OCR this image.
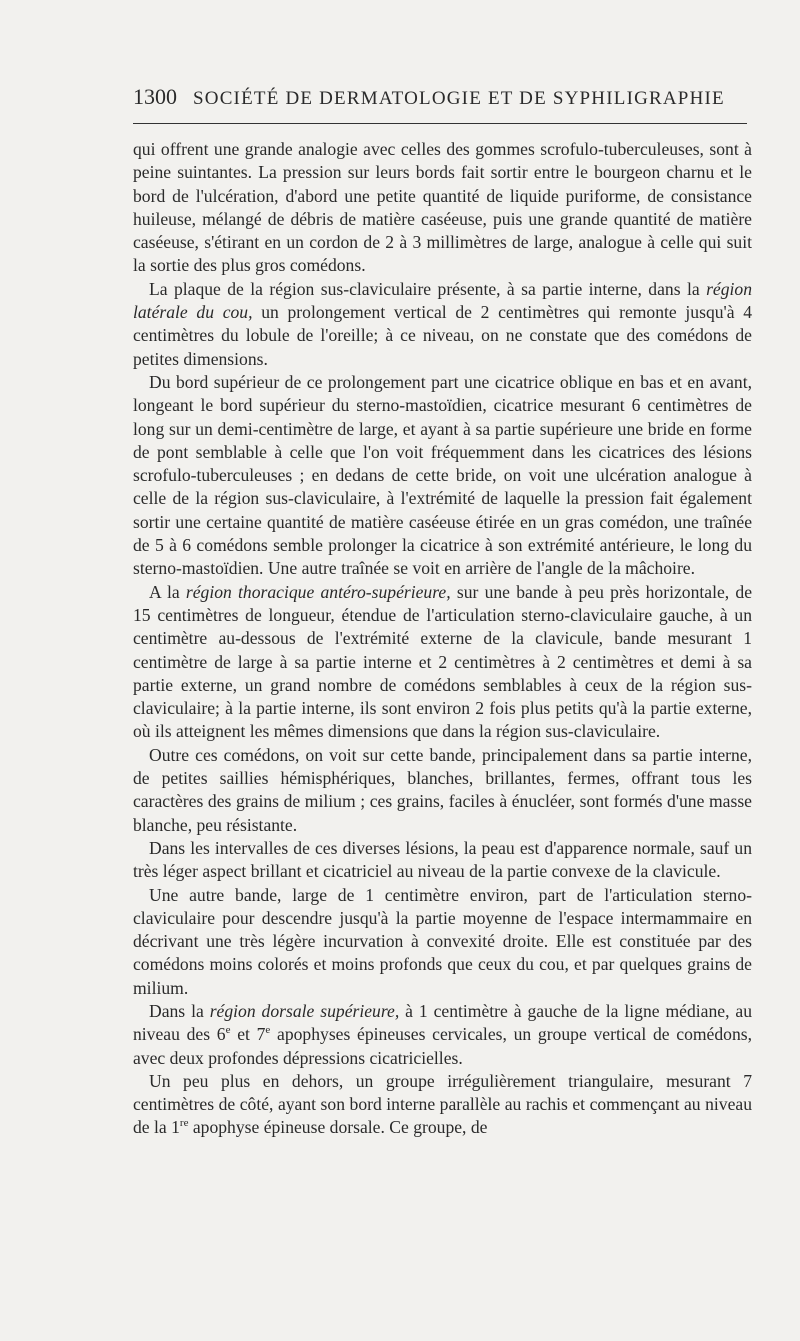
1300 SOCIÉTÉ DE DERMATOLOGIE ET DE SYPHILIGRAPHIE

qui offrent une grande analogie avec celles des gommes scrofulo-tuberculeuses, sont à peine suintantes. La pression sur leurs bords fait sortir entre le bourgeon charnu et le bord de l'ulcération, d'abord une petite quantité de liquide puriforme, de consistance huileuse, mélangé de débris de matière caséeuse, puis une grande quantité de matière caséeuse, s'étirant en un cordon de 2 à 3 millimètres de large, analogue à celle qui suit la sortie des plus gros comédons.

La plaque de la région sus-claviculaire présente, à sa partie interne, dans la région latérale du cou, un prolongement vertical de 2 centimètres qui remonte jusqu'à 4 centimètres du lobule de l'oreille; à ce niveau, on ne constate que des comédons de petites dimensions.

Du bord supérieur de ce prolongement part une cicatrice oblique en bas et en avant, longeant le bord supérieur du sterno-mastoïdien, cicatrice mesurant 6 centimètres de long sur un demi-centimètre de large, et ayant à sa partie supérieure une bride en forme de pont semblable à celle que l'on voit fréquemment dans les cicatrices des lésions scrofulo-tuberculeuses ; en dedans de cette bride, on voit une ulcération analogue à celle de la région sus-claviculaire, à l'extrémité de laquelle la pression fait également sortir une certaine quantité de matière caséeuse étirée en un gras comédon, une traînée de 5 à 6 comédons semble prolonger la cicatrice à son extrémité antérieure, le long du sterno-mastoïdien. Une autre traînée se voit en arrière de l'angle de la mâchoire.

A la région thoracique antéro-supérieure, sur une bande à peu près horizontale, de 15 centimètres de longueur, étendue de l'articulation sterno-claviculaire gauche, à un centimètre au-dessous de l'extrémité externe de la clavicule, bande mesurant 1 centimètre de large à sa partie interne et 2 centimètres à 2 centimètres et demi à sa partie externe, un grand nombre de comédons semblables à ceux de la région sus-claviculaire; à la partie interne, ils sont environ 2 fois plus petits qu'à la partie externe, où ils atteignent les mêmes dimensions que dans la région sus-claviculaire.

Outre ces comédons, on voit sur cette bande, principalement dans sa partie interne, de petites saillies hémisphériques, blanches, brillantes, fermes, offrant tous les caractères des grains de milium ; ces grains, faciles à énucléer, sont formés d'une masse blanche, peu résistante.

Dans les intervalles de ces diverses lésions, la peau est d'apparence normale, sauf un très léger aspect brillant et cicatriciel au niveau de la partie convexe de la clavicule.

Une autre bande, large de 1 centimètre environ, part de l'articulation sterno-claviculaire pour descendre jusqu'à la partie moyenne de l'espace intermammaire en décrivant une très légère incurvation à convexité droite. Elle est constituée par des comédons moins colorés et moins profonds que ceux du cou, et par quelques grains de milium.

Dans la région dorsale supérieure, à 1 centimètre à gauche de la ligne médiane, au niveau des 6e et 7e apophyses épineuses cervicales, un groupe vertical de comédons, avec deux profondes dépressions cicatricielles.

Un peu plus en dehors, un groupe irrégulièrement triangulaire, mesurant 7 centimètres de côté, ayant son bord interne parallèle au rachis et commençant au niveau de la 1re apophyse épineuse dorsale. Ce groupe, de
